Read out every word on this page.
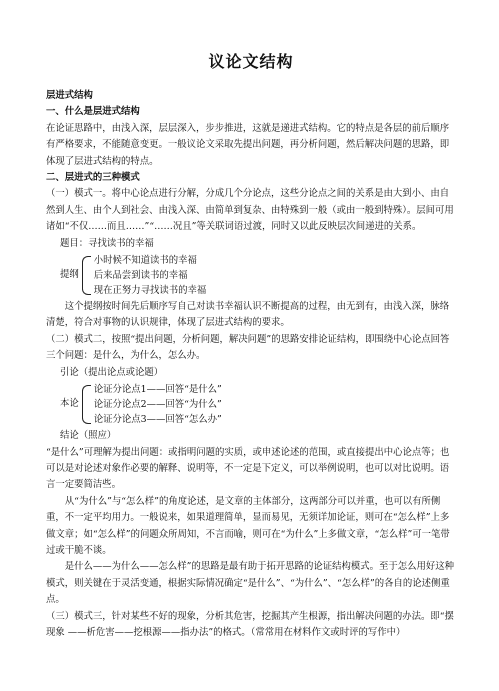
议论文结构

层进式结构

一、什么是层进式结构

在论证思路中，由浅入深，层层深入，步步推进，这就是递进式结构。它的特点是各层的前后顺序有严格要求，不能随意变更。一般议论文采取先提出问题，再分析问题，然后解决问题的思路，即体现了层进式结构的特点。

二、层进式的三种模式

（一）模式一。将中心论点进行分解，分成几个分论点，这些分论点之间的关系是由大到小、由自然到人生、由个人到社会、由浅入深、由简单到复杂、由特殊到一般（或由一般到特殊）。层间可用诸如“不仅……而且……”“……况且”等关联词语过渡，同时又以此反映层次间递进的关系。

题目：寻找读书的幸福

提纲
小时候不知道读书的幸福
后来品尝到读书的幸福
现在正努力寻找读书的幸福

这个提纲按时间先后顺序写自己对读书幸福认识不断提高的过程，由无到有，由浅入深，脉络清楚，符合对事物的认识规律，体现了层进式结构的要求。

（二）模式二，按照“提出问题，分析问题，解决问题”的思路安排论证结构，即围绕中心论点回答三个问题：是什么，为什么，怎么办。

引论（提出论点或论题）

本论
论证分论点1——回答“是什么”
论证分论点2——回答“为什么”
论证分论点3——回答“怎么办”

结论（照应）

“是什么”可理解为提出问题：或指明问题的实质，或申述论述的范围，或直接提出中心论点等；也可以是对论述对象作必要的解释、说明等，不一定是下定义，可以举例说明，也可以对比说明。语言一定要简洁些。

从“为什么”与“怎么样”的角度论述，是文章的主体部分，这两部分可以并重，也可以有所侧重，不一定平均用力。一般说来，如果道理简单，显而易见，无须详加论证，则可在“怎么样”上多做文章；如“怎么样”的问题众所周知，不言而喻，则可在“为什么”上多做文章，“怎么样”可一笔带过或干脆不谈。

是什么——为什么——怎么样”的思路是最有助于拓开思路的论证结构模式。至于怎么用好这种模式，则关键在于灵活变通，根据实际情况确定“是什么”、“为什么”、“怎么样”的各自的论述侧重点。

（三）模式三，针对某些不好的现象，分析其危害，挖掘其产生根源，指出解决问题的办法。即“摆现象 ——析危害——挖根源——指办法”的格式。（常常用在材料作文或时评的写作中）
